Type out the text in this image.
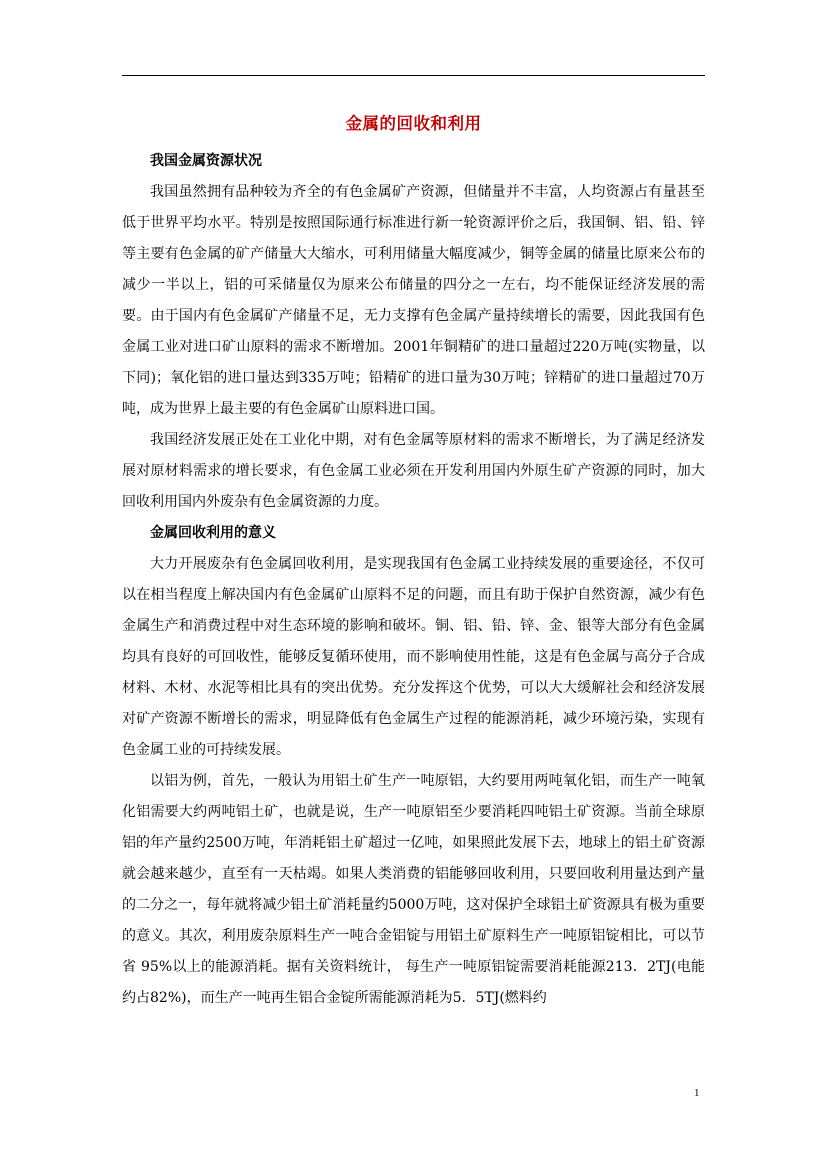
金属的回收和利用
我国金属资源状况

我国虽然拥有品种较为齐全的有色金属矿产资源，但储量并不丰富，人均资源占有量甚至低于世界平均水平。特别是按照国际通行标准进行新一轮资源评价之后，我国铜、铝、铅、锌等主要有色金属的矿产储量大大缩水，可利用储量大幅度减少，铜等金属的储量比原来公布的减少一半以上，铝的可采储量仅为原来公布储量的四分之一左右，均不能保证经济发展的需要。由于国内有色金属矿产储量不足，无力支撑有色金属产量持续增长的需要，因此我国有色金属工业对进口矿山原料的需求不断增加。2001年铜精矿的进口量超过220万吨(实物量，以下同)；氧化铝的进口量达到335万吨；铅精矿的进口量为30万吨；锌精矿的进口量超过70万吨，成为世界上最主要的有色金属矿山原料进口国。

我国经济发展正处在工业化中期，对有色金属等原材料的需求不断增长，为了满足经济发展对原材料需求的增长要求，有色金属工业必须在开发利用国内外原生矿产资源的同时，加大回收利用国内外废杂有色金属资源的力度。

金属回收利用的意义

大力开展废杂有色金属回收利用，是实现我国有色金属工业持续发展的重要途径，不仅可以在相当程度上解决国内有色金属矿山原料不足的问题，而且有助于保护自然资源，减少有色金属生产和消费过程中对生态环境的影响和破坏。铜、铝、铅、锌、金、银等大部分有色金属均具有良好的可回收性，能够反复循环使用，而不影响使用性能，这是有色金属与高分子合成材料、木材、水泥等相比具有的突出优势。充分发挥这个优势，可以大大缓解社会和经济发展对矿产资源不断增长的需求，明显降低有色金属生产过程的能源消耗，减少环境污染，实现有色金属工业的可持续发展。

以铝为例，首先，一般认为用铝土矿生产一吨原铝，大约要用两吨氧化铝，而生产一吨氧化铝需要大约两吨铝土矿，也就是说，生产一吨原铝至少要消耗四吨铝土矿资源。当前全球原铝的年产量约2500万吨，年消耗铝土矿超过一亿吨，如果照此发展下去，地球上的铝土矿资源就会越来越少，直至有一天枯竭。如果人类消费的铝能够回收利用，只要回收利用量达到产量的二分之一，每年就将减少铝土矿消耗量约5000万吨，这对保护全球铝土矿资源具有极为重要的意义。其次，利用废杂原料生产一吨合金铝锭与用铝土矿原料生产一吨原铝锭相比，可以节省 95%以上的能源消耗。据有关资料统计， 每生产一吨原铝锭需要消耗能源213．2TJ(电能约占82%)，而生产一吨再生铝合金锭所需能源消耗为5．5TJ(燃料约

1
